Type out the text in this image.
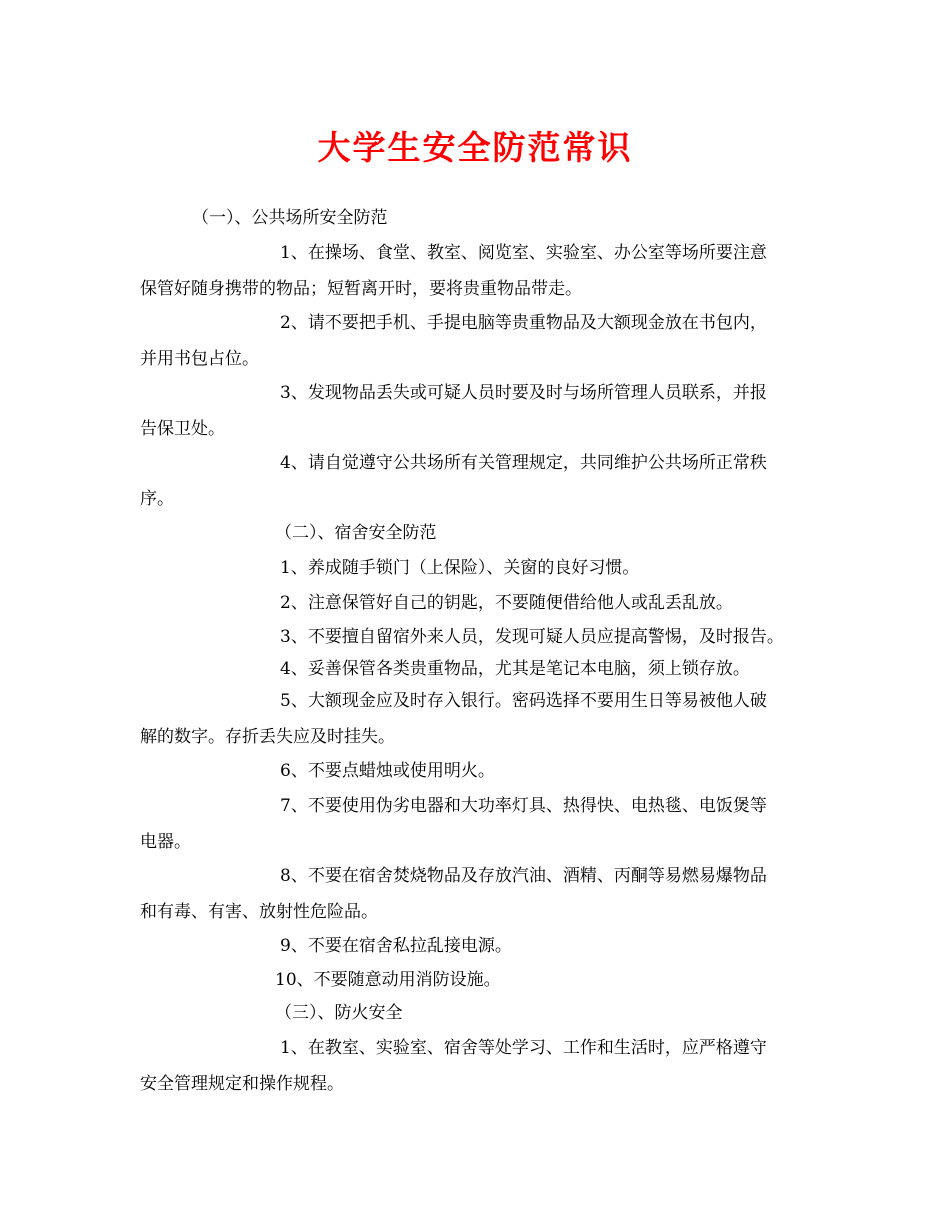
大学生安全防范常识
（一）、公共场所安全防范
1、在操场、食堂、教室、阅览室、实验室、办公室等场所要注意
保管好随身携带的物品；短暂离开时，要将贵重物品带走。
2、请不要把手机、手提电脑等贵重物品及大额现金放在书包内，
并用书包占位。
3、发现物品丢失或可疑人员时要及时与场所管理人员联系，并报
告保卫处。
4、请自觉遵守公共场所有关管理规定，共同维护公共场所正常秩
序。
（二）、宿舍安全防范
1、养成随手锁门（上保险）、关窗的良好习惯。
2、注意保管好自己的钥匙，不要随便借给他人或乱丢乱放。
3、不要擅自留宿外来人员，发现可疑人员应提高警惕，及时报告。
4、妥善保管各类贵重物品，尤其是笔记本电脑，须上锁存放。
5、大额现金应及时存入银行。密码选择不要用生日等易被他人破
解的数字。存折丢失应及时挂失。
6、不要点蜡烛或使用明火。
7、不要使用伪劣电器和大功率灯具、热得快、电热毯、电饭煲等
电器。
8、不要在宿舍焚烧物品及存放汽油、酒精、丙酮等易燃易爆物品
和有毒、有害、放射性危险品。
9、不要在宿舍私拉乱接电源。
10、不要随意动用消防设施。
（三）、防火安全
1、在教室、实验室、宿舍等处学习、工作和生活时，应严格遵守
安全管理规定和操作规程。
